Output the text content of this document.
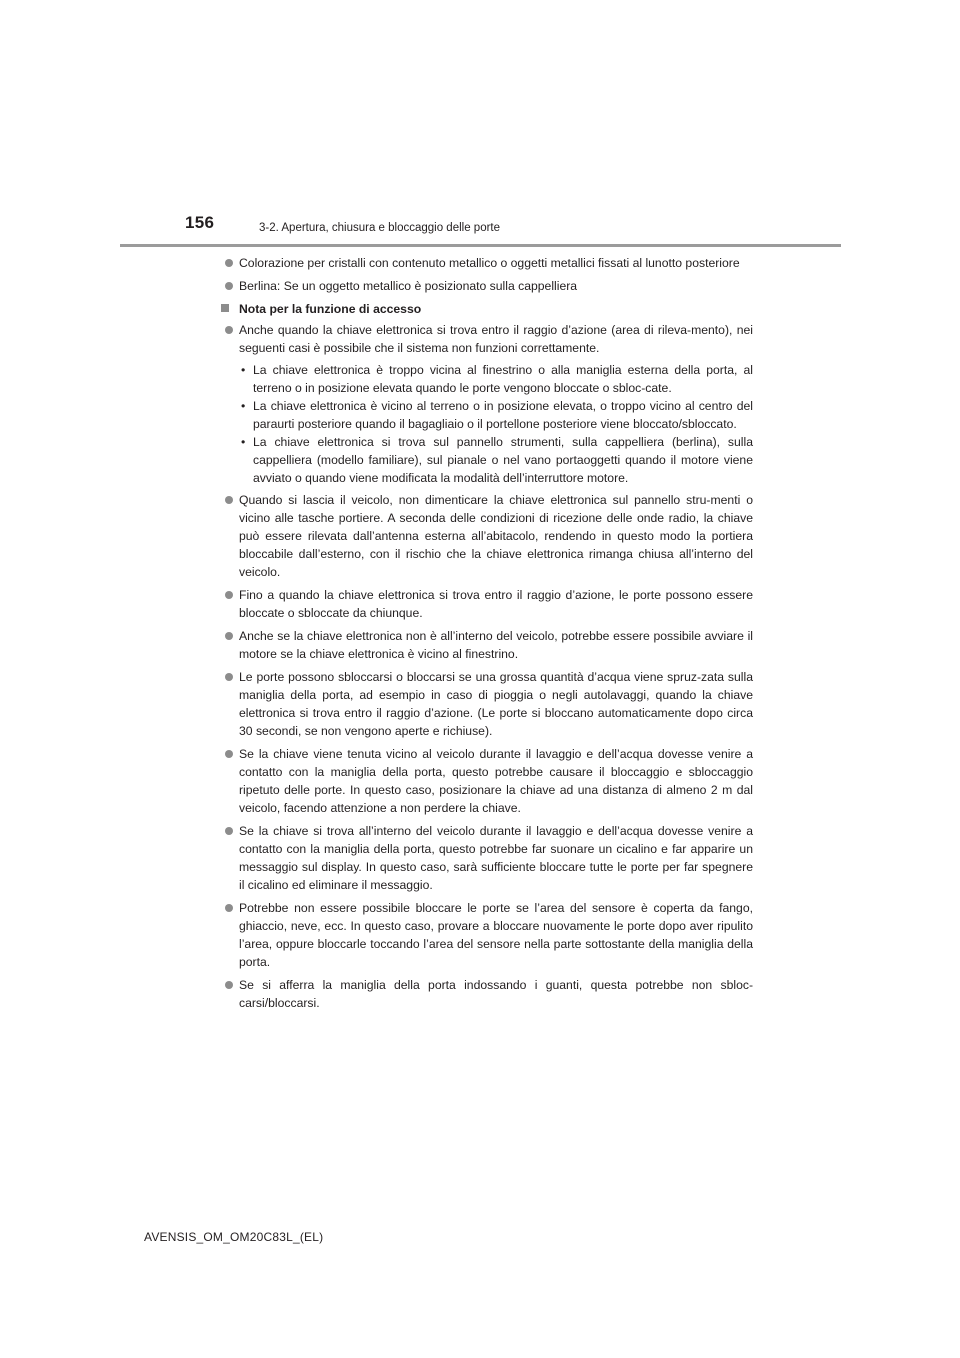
156	3-2. Apertura, chiusura e bloccaggio delle porte
Colorazione per cristalli con contenuto metallico o oggetti metallici fissati al lunotto posteriore
Berlina: Se un oggetto metallico è posizionato sulla cappelliera
Nota per la funzione di accesso
Anche quando la chiave elettronica si trova entro il raggio d’azione (area di rileva-mento), nei seguenti casi è possibile che il sistema non funzioni correttamente.
• La chiave elettronica è troppo vicina al finestrino o alla maniglia esterna della porta, al terreno o in posizione elevata quando le porte vengono bloccate o sbloc-cate.
• La chiave elettronica è vicino al terreno o in posizione elevata, o troppo vicino al centro del paraurti posteriore quando il bagagliaio o il portellone posteriore viene bloccato/sbloccato.
• La chiave elettronica si trova sul pannello strumenti, sulla cappelliera (berlina), sulla cappelliera (modello familiare), sul pianale o nel vano portaoggetti quando il motore viene avviato o quando viene modificata la modalità dell’interruttore motore.
Quando si lascia il veicolo, non dimenticare la chiave elettronica sul pannello stru-menti o vicino alle tasche portiere. A seconda delle condizioni di ricezione delle onde radio, la chiave può essere rilevata dall’antenna esterna all’abitacolo, rendendo in questo modo la portiera bloccabile dall’esterno, con il rischio che la chiave elettronica rimanga chiusa all’interno del veicolo.
Fino a quando la chiave elettronica si trova entro il raggio d’azione, le porte possono essere bloccate o sbloccate da chiunque.
Anche se la chiave elettronica non è all’interno del veicolo, potrebbe essere possibile avviare il motore se la chiave elettronica è vicino al finestrino.
Le porte possono sbloccarsi o bloccarsi se una grossa quantità d’acqua viene spruz-zata sulla maniglia della porta, ad esempio in caso di pioggia o negli autolavaggi, quando la chiave elettronica si trova entro il raggio d’azione. (Le porte si bloccano automaticamente dopo circa 30 secondi, se non vengono aperte e richiuse).
Se la chiave viene tenuta vicino al veicolo durante il lavaggio e dell’acqua dovesse venire a contatto con la maniglia della porta, questo potrebbe causare il bloccaggio e sbloccaggio ripetuto delle porte. In questo caso, posizionare la chiave ad una distanza di almeno 2 m dal veicolo, facendo attenzione a non perdere la chiave.
Se la chiave si trova all’interno del veicolo durante il lavaggio e dell’acqua dovesse venire a contatto con la maniglia della porta, questo potrebbe far suonare un cicalino e far apparire un messaggio sul display. In questo caso, sarà sufficiente bloccare tutte le porte per far spegnere il cicalino ed eliminare il messaggio.
Potrebbe non essere possibile bloccare le porte se l’area del sensore è coperta da fango, ghiaccio, neve, ecc. In questo caso, provare a bloccare nuovamente le porte dopo aver ripulito l’area, oppure bloccarle toccando l’area del sensore nella parte sottostante della maniglia della porta.
Se si afferra la maniglia della porta indossando i guanti, questa potrebbe non sbloc-carsi/bloccarsi.
AVENSIS_OM_OM20C83L_(EL)
